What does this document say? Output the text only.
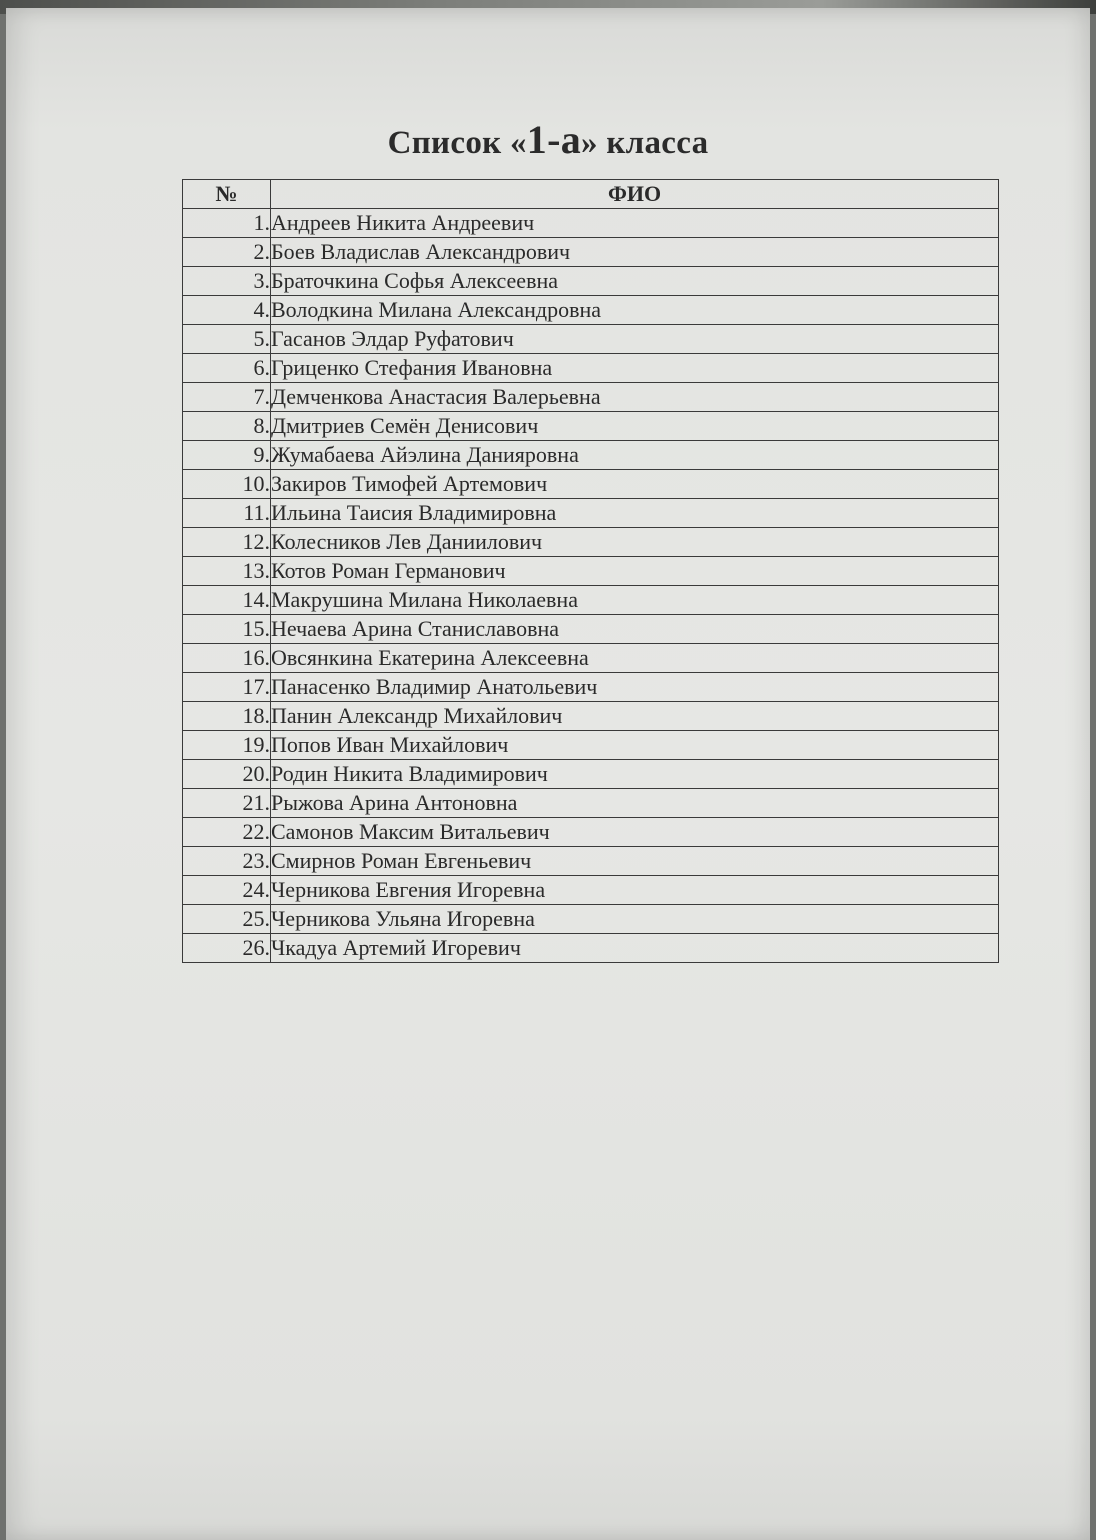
Список «1-а» класса
№	ФИО
1.	Андреев Никита Андреевич
2.	Боев Владислав Александрович
3.	Браточкина Софья Алексеевна
4.	Володкина Милана Александровна
5.	Гасанов Элдар Руфатович
6.	Гриценко Стефания Ивановна
7.	Демченкова Анастасия Валерьевна
8.	Дмитриев Семён Денисович
9.	Жумабаева Айэлина Данияровна
10.	Закиров Тимофей Артемович
11.	Ильина Таисия Владимировна
12.	Колесников Лев Даниилович
13.	Котов Роман Германович
14.	Макрушина Милана Николаевна
15.	Нечаева Арина Станиславовна
16.	Овсянкина Екатерина Алексеевна
17.	Панасенко Владимир Анатольевич
18.	Панин Александр Михайлович
19.	Попов Иван Михайлович
20.	Родин Никита Владимирович
21.	Рыжова Арина Антоновна
22.	Самонов Максим Витальевич
23.	Смирнов Роман Евгеньевич
24.	Черникова Евгения Игоревна
25.	Черникова Ульяна Игоревна
26.	Чкадуа Артемий Игоревич
